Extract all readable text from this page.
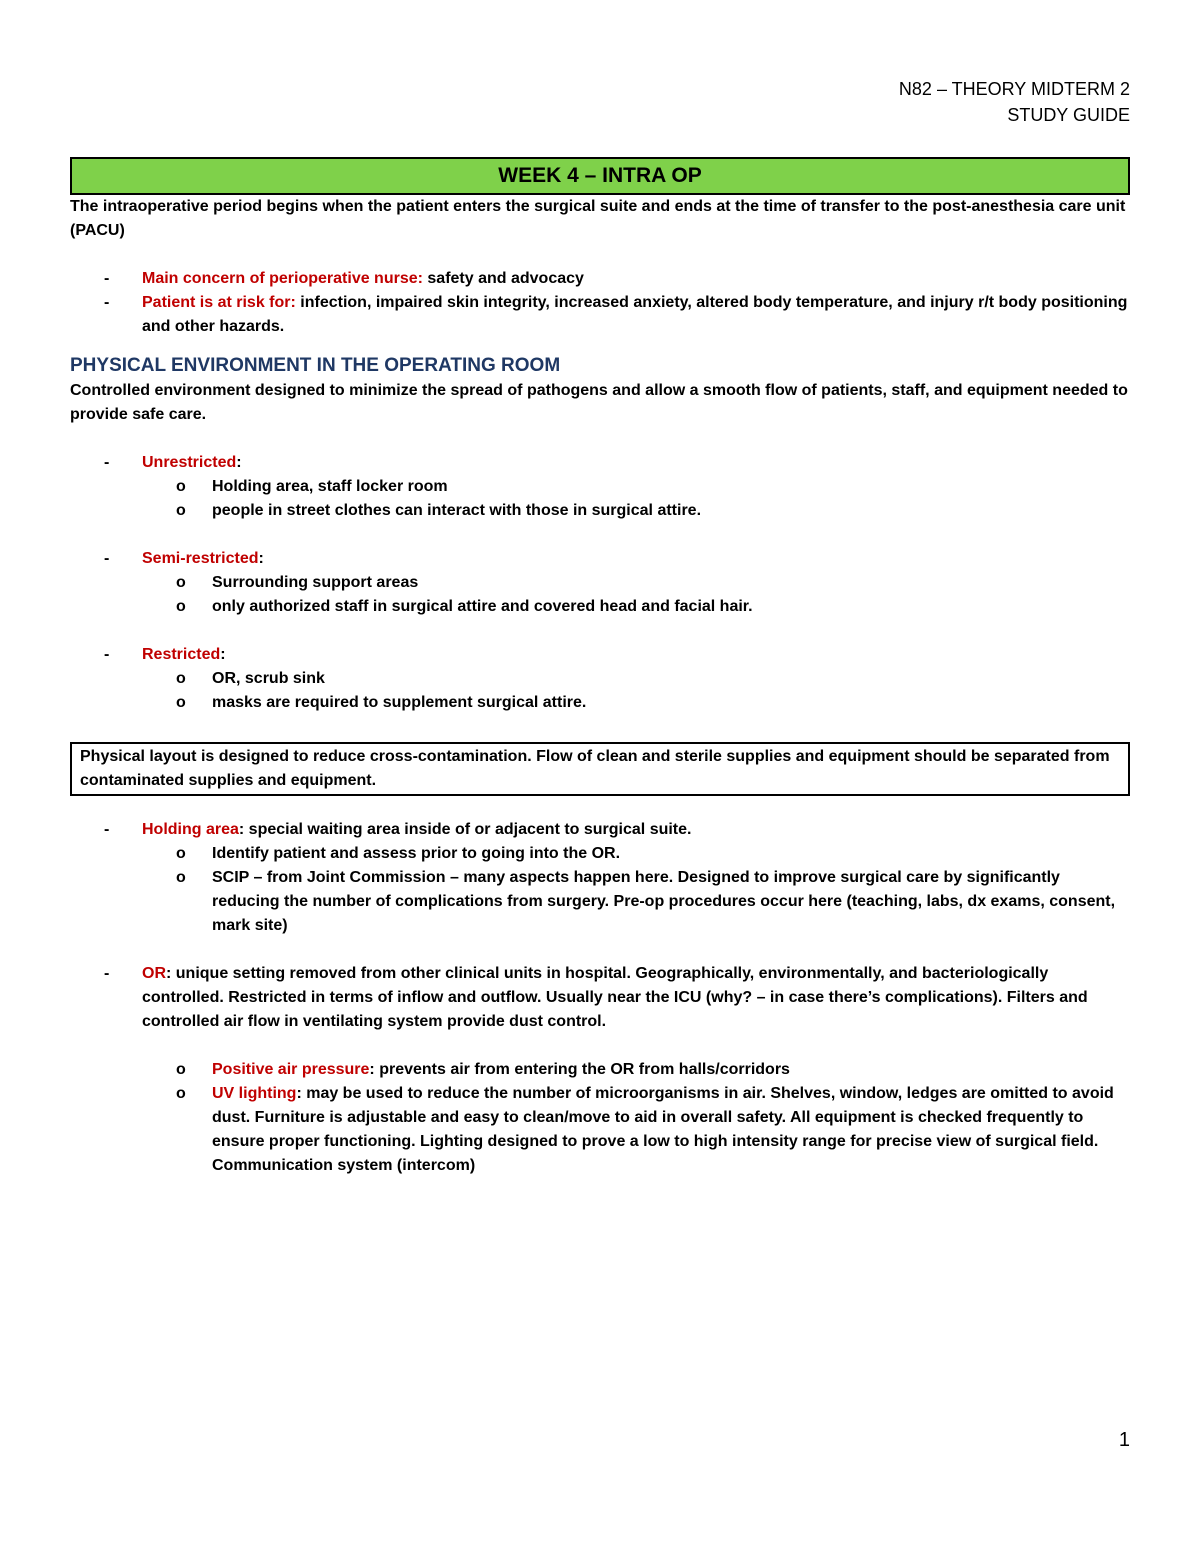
N82 – THEORY MIDTERM 2
STUDY GUIDE
WEEK 4 – INTRA OP

The intraoperative period begins when the patient enters the surgical suite and ends at the time of transfer to the post-anesthesia care unit (PACU)

- Main concern of perioperative nurse: safety and advocacy
- Patient is at risk for: infection, impaired skin integrity, increased anxiety, altered body temperature, and injury r/t body positioning and other hazards.
PHYSICAL ENVIRONMENT IN THE OPERATING ROOM

Controlled environment designed to minimize the spread of pathogens and allow a smooth flow of patients, staff, and equipment needed to provide safe care.

- Unrestricted:
o Holding area, staff locker room
o people in street clothes can interact with those in surgical attire.
- Semi-restricted:
o Surrounding support areas
o only authorized staff in surgical attire and covered head and facial hair.
- Restricted:
o OR, scrub sink
o masks are required to supplement surgical attire.
Physical layout is designed to reduce cross-contamination. Flow of clean and sterile supplies and equipment should be separated from contaminated supplies and equipment.
- Holding area: special waiting area inside of or adjacent to surgical suite.
o Identify patient and assess prior to going into the OR.
o SCIP – from Joint Commission – many aspects happen here. Designed to improve surgical care by significantly reducing the number of complications from surgery. Pre-op procedures occur here (teaching, labs, dx exams, consent, mark site)
- OR: unique setting removed from other clinical units in hospital. Geographically, environmentally, and bacteriologically controlled. Restricted in terms of inflow and outflow. Usually near the ICU (why? – in case there’s complications). Filters and controlled air flow in ventilating system provide dust control.
o Positive air pressure: prevents air from entering the OR from halls/corridors
o UV lighting: may be used to reduce the number of microorganisms in air. Shelves, window, ledges are omitted to avoid dust. Furniture is adjustable and easy to clean/move to aid in overall safety. All equipment is checked frequently to ensure proper functioning. Lighting designed to prove a low to high intensity range for precise view of surgical field. Communication system (intercom)
1
